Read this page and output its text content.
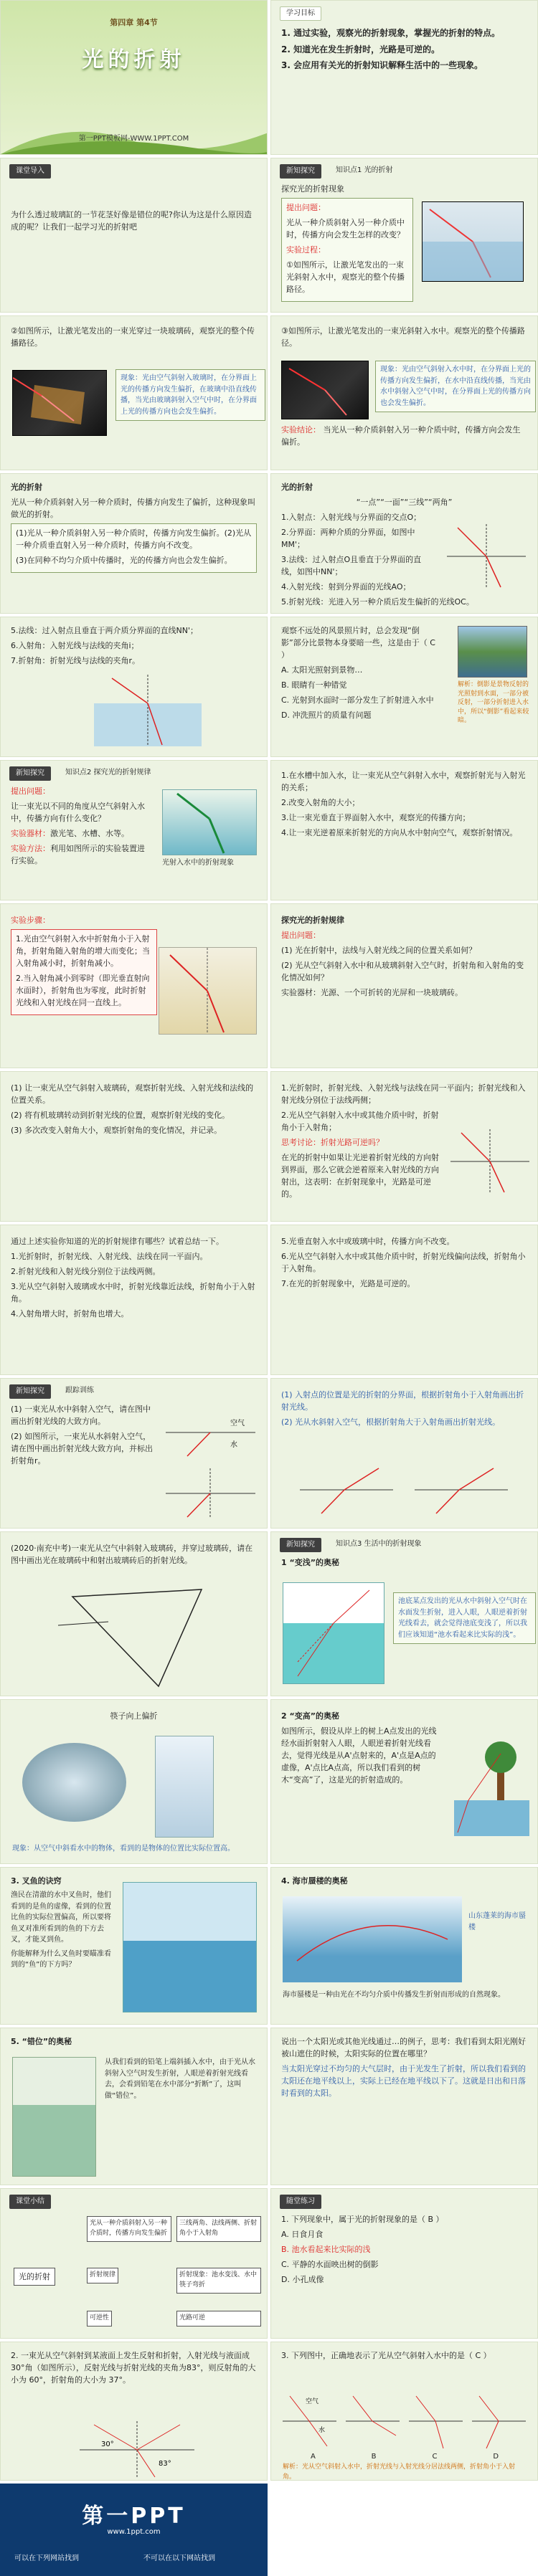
第四章 第4节
光的折射
第一PPT模板网-WWW.1PPT.COM
学习目标

1. 通过实验，观察光的折射现象，掌握光的折射的特点。

2. 知道光在发生折射时，光路是可逆的。

3. 会应用有关光的折射知识解释生活中的一些现象。

课堂导入

为什么透过玻璃缸的一节花茎好像是错位的呢?你认为这是什么原因造成的呢？让我们一起学习光的折射吧

新知探究	知识点1 光的折射

探究光的折射现象

提出问题：

光从一种介质斜射入另一种介质中时，传播方向会发生怎样的改变？

实验过程：

①如图所示，让激光笔发出的一束光斜射入水中，观察光的整个传播路径。

②如图所示，让激光笔发出的一束光穿过一块玻璃砖，观察光的整个传播路径。

现象：光由空气斜射入玻璃时，在分界面上光的传播方向发生偏折，在玻璃中沿直线传播，当光由玻璃斜射入空气中时，在分界面上光的传播方向也会发生偏折。

③如图所示，让激光笔发出的一束光斜射入水中。观察光的整个传播路径。

现象：光由空气斜射入水中时，在分界面上光的传播方向发生偏折，在水中沿直线传播，当光由水中斜射入空气中时，在分界面上光的传播方向也会发生偏折。
实验结论： 当光从一种介质斜射入另一种介质中时，传播方向会发生偏折。

光的折射

光从一种介质斜射入另一种介质时，传播方向发生了偏折，这种现象叫做光的折射。

(1)光从一种介质斜射入另一种介质时，传播方向发生偏折。(2)光从一种介质垂直射入另一种介质时，传播方向不改变。

(3)在同种不均匀介质中传播时，光的传播方向也会发生偏折。

光的折射

“一点”“一面”“三线”“两角”

1.入射点：入射光线与分界面的交点O；

2.分界面：两种介质的分界面，如图中MM'；

3.法线：过入射点O且垂直于分界面的直线，如图中NN'；

4.入射光线：射到分界面的光线AO；

5.折射光线：光进入另一种介质后发生偏折的光线OC。

5.法线：过入射点且垂直于两介质分界面的直线NN'；

6.入射角：入射光线与法线的夹角i；

7.折射角：折射光线与法线的夹角r。

观察不远处的风景照片时，总会发现“倒影”部分比景物本身要暗一些，这是由于（ C ）

A. 太阳光照射到景物…

B. 眼睛有一种错觉

C. 光射到水面时一部分发生了折射进入水中

D. 冲洗照片的质量有问题

解析：倒影是景物反射的光照射到水面，一部分被反射，一部分折射进入水中，所以“倒影”看起来较暗。
新知探究	知识点2 探究光的折射规律

提出问题：

让一束光以不同的角度从空气斜射入水中，传播方向有什么变化？

实验器材：激光笔、水槽、水等。

实验方法：利用如图所示的实验装置进行实验。	光射入水中的折射现象

1.在水槽中加入水，让一束光从空气斜射入水中，观察折射光与入射光的关系；

2.改变入射角的大小；

3.让一束光垂直于界面射入水中，观察光的传播方向；

4.让一束光逆着原来折射光的方向从水中射向空气，观察折射情况。

实验步骤：

1.光由空气斜射入水中折射角小于入射角，折射角随入射角的增大而变化；当入射角减小时，折射角减小。

2.当入射角减小到零时（即光垂直射向水面时），折射角也为零度，此时折射光线和入射光线在同一直线上。

探究光的折射规律

提出问题：

(1) 光在折射中，法线与入射光线之间的位置关系如何？

(2) 光从空气斜射入水中和从玻璃斜射入空气时，折射角和入射角的变化情况如何？

实验器材：光源、一个可折转的光屏和一块玻璃砖。

(1) 让一束光从空气斜射入玻璃砖，观察折射光线、入射光线和法线的位置关系。

(2) 将有机玻璃转动到折射光线的位置，观察折射光线的变化。

(3) 多次改变入射角大小，观察折射角的变化情况，并记录。

1.光折射时，折射光线、入射光线与法线在同一平面内；折射光线和入射光线分别位于法线两侧；

2.光从空气斜射入水中或其他介质中时，折射角小于入射角；

思考讨论：折射光路可逆吗？

在光的折射中如果让光逆着折射光线的方向射到界面，那么它就会逆着原来入射光线的方向射出，这表明：在折射现象中，光路是可逆的。

通过上述实验你知道的光的折射规律有哪些？试着总结一下。

1.光折射时，折射光线、入射光线、法线在同一平面内。

2.折射光线和入射光线分别位于法线两侧。

3.光从空气斜射入玻璃或水中时，折射光线靠近法线，折射角小于入射角。

4.入射角增大时，折射角也增大。

5.光垂直射入水中或玻璃中时，传播方向不改变。

6.光从空气斜射入水中或其他介质中时，折射光线偏向法线，折射角小于入射角。

7.在光的折射现象中，光路是可逆的。

新知探究	跟踪训练

(1) 一束光从水中斜射入空气，请在图中画出折射光线的大致方向。

(2) 如图所示，一束光从水斜射入空气，请在图中画出折射光线大致方向，并标出折射角r。

空气
水

(1) 入射点的位置是光的折射的分界面，根据折射角小于入射角画出折射光线。

(2) 光从水斜射入空气，根据折射角大于入射角画出折射光线。

(2020·南充中考)一束光从空气中斜射入玻璃砖，并穿过玻璃砖，请在图中画出光在玻璃砖中和射出玻璃砖后的折射光线。

新知探究	知识点3 生活中的折射现象

1 “变浅”的奥秘

池底某点发出的光从水中斜射入空气时在水面发生折射，进入人眼，人眼逆着折射光线看去，就会觉得池底变浅了，所以我们应该知道“池水看起来比实际的浅”。

筷子向上偏折

现象：从空气中斜看水中的物体，看到的是物体的位置比实际位置高。

2 “变高”的奥秘

如图所示，假设从岸上的树上A点发出的光线经水面折射射入人眼，人眼逆着折射光线看去，觉得光线是从A'点射来的，A'点是A点的虚像，A'点比A点高，所以我们看到的树木“变高”了，这是光的折射造成的。

3. 叉鱼的诀窍

渔民在清澈的水中叉鱼时，他们看到的是鱼的虚像，看到的位置比鱼的实际位置偏高，所以要将鱼叉对准所看到的鱼的下方去叉，才能叉到鱼。

你能解释为什么叉鱼时要瞄准看到的“鱼”的下方吗？

4. 海市蜃楼的奥秘

山东蓬莱的海市蜃楼
海市蜃楼是一种由光在不均匀介质中传播发生折射而形成的自然现象。

5. “错位”的奥秘

从我们看到的铅笔上端斜插入水中，由于光从水斜射入空气时发生折射，人眼逆着折射光线看去，会看到铅笔在水中部分“折断”了，这叫做“错位”。

说出一个太阳光或其他光线通过…的例子，思考：我们看到太阳光刚好被山遮住的时候，太阳实际的位置在哪里？

当太阳光穿过不均匀的大气层时，由于光发生了折射，所以我们看到的太阳还在地平线以上，实际上已经在地平线以下了。这就是日出和日落时看到的太阳。

课堂小结
光的折射
光从一种介质斜射入另一种介质时，传播方向发生偏折
三线两角、法线两侧、折射角小于入射角
折射现象：池水变浅、水中筷子弯折
光路可逆
折射规律
可逆性
随堂练习

1. 下列现象中，属于光的折射现象的是（ B ）

A. 日食月食

B. 池水看起来比实际的浅

C. 平静的水面映出树的倒影

D. 小孔成像

2. 一束光从空气斜射到某液面上发生反射和折射，入射光线与液面成30°角（如图所示），反射光线与折射光线的夹角为83°，则反射角的大小为 60°，折射角的大小为 37°。

30°
83°

3. 下列图中，正确地表示了光从空气斜射入水中的是（ C ）

空气
水
A	B	C	D
解析：光从空气斜射入水中，折射光线与入射光线分居法线两侧，折射角小于入射角。
第一PPT
www.1ppt.com
可以在下列网站找到	不可以在以下网站找到
